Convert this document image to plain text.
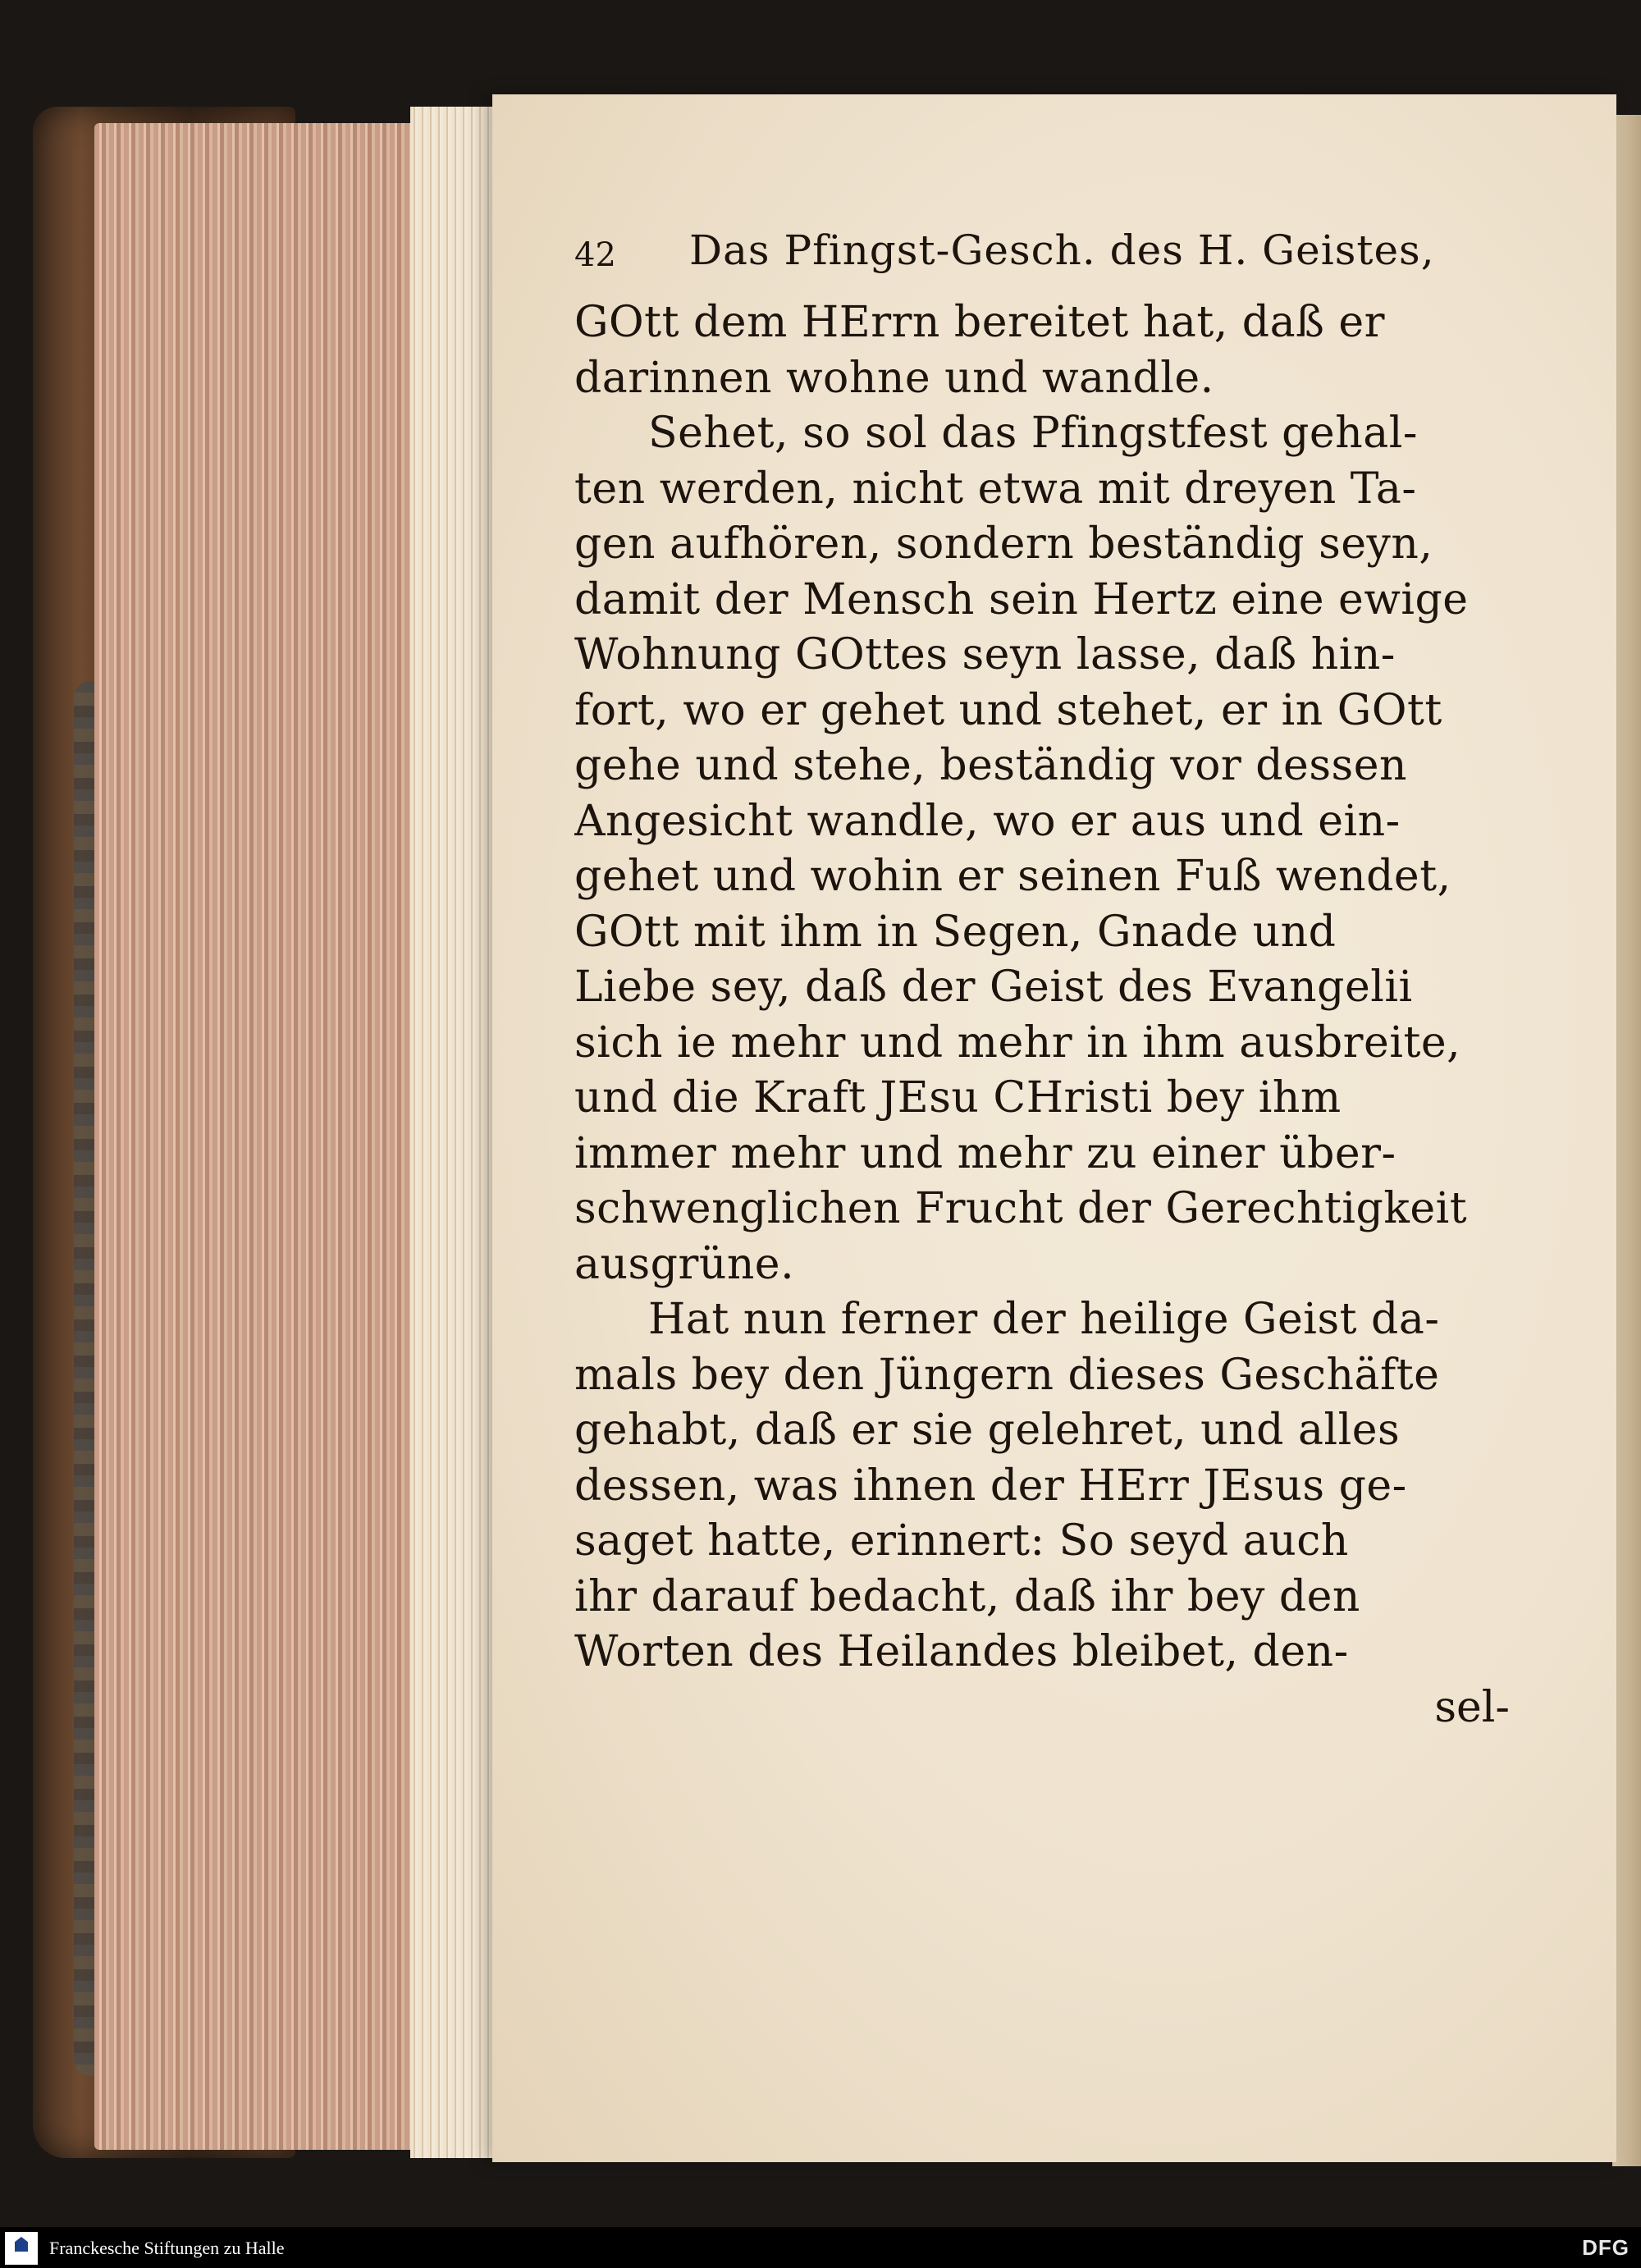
42 Das Pfingst-Gesch. des H. Geistes,
GOtt dem HErrn bereitet hat, daß er
darinnen wohne und wandle.
Sehet, so sol das Pfingstfest gehal-
ten werden, nicht etwa mit dreyen Ta-
gen aufhören, sondern beständig seyn,
damit der Mensch sein Hertz eine ewige
Wohnung GOttes seyn lasse, daß hin-
fort, wo er gehet und stehet, er in GOtt
gehe und stehe, beständig vor dessen
Angesicht wandle, wo er aus und ein-
gehet und wohin er seinen Fuß wendet,
GOtt mit ihm in Segen, Gnade und
Liebe sey, daß der Geist des Evangelii
sich ie mehr und mehr in ihm ausbreite,
und die Kraft JEsu CHristi bey ihm
immer mehr und mehr zu einer über-
schwenglichen Frucht der Gerechtigkeit
ausgrüne.
Hat nun ferner der heilige Geist da-
mals bey den Jüngern dieses Geschäfte
gehabt, daß er sie gelehret, und alles
dessen, was ihnen der HErr JEsus ge-
saget hatte, erinnert: So seyd auch
ihr darauf bedacht, daß ihr bey den
Worten des Heilandes bleibet, den-
sel-
Franckesche Stiftungen zu Halle	DFG
